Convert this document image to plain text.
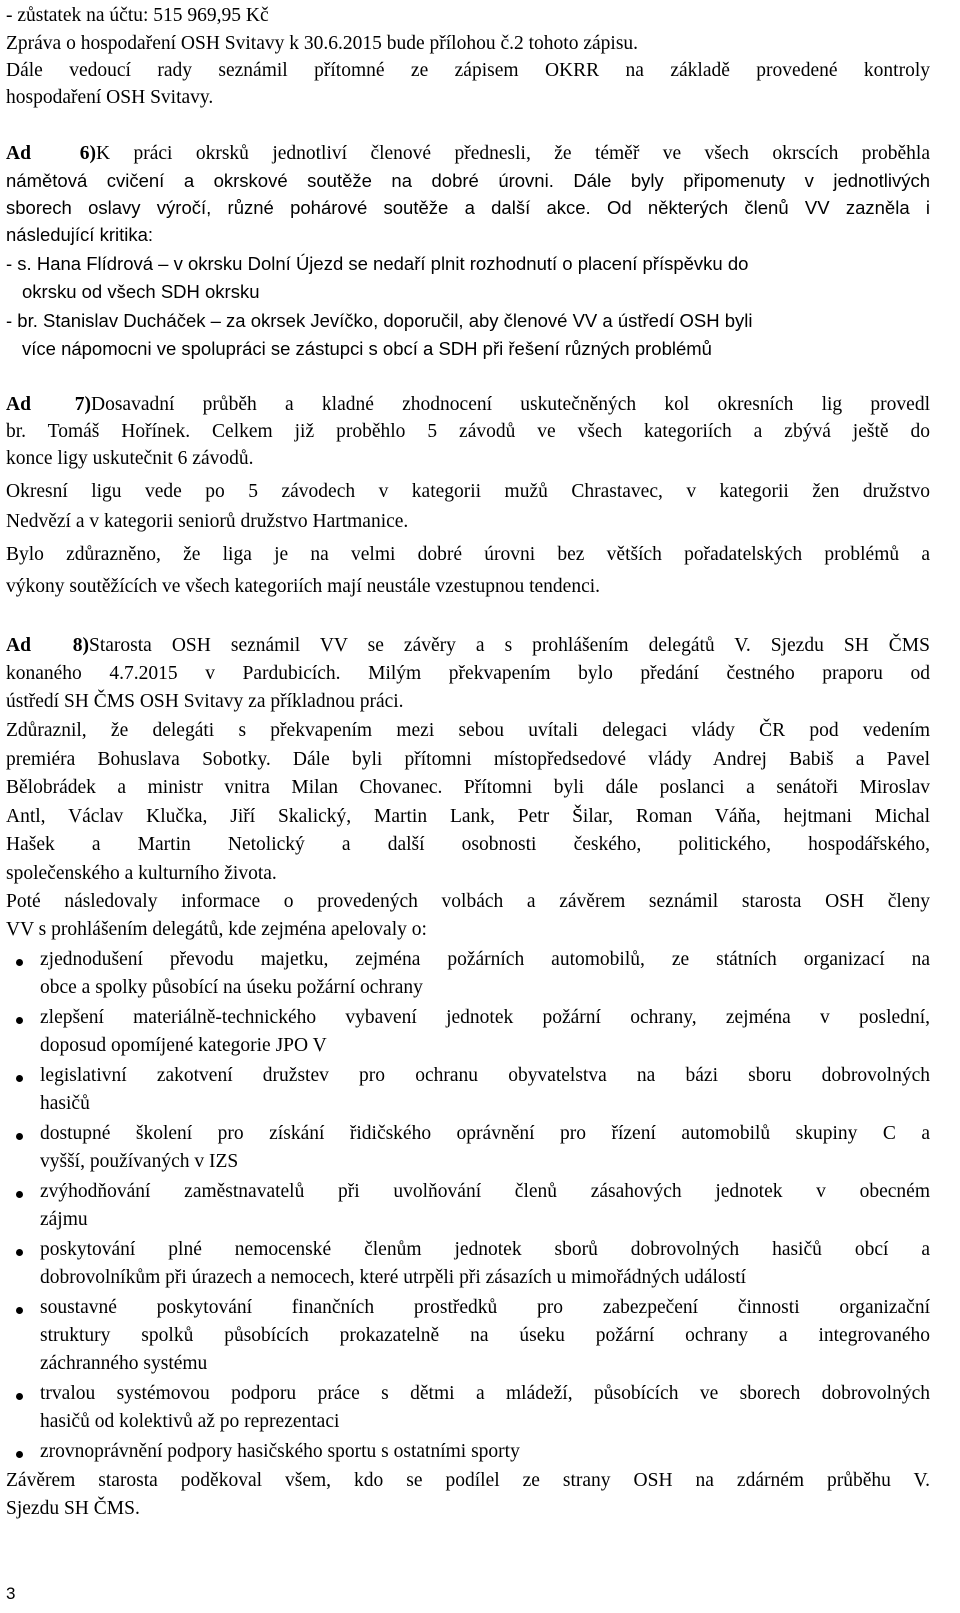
- zůstatek na účtu: 515 969,95 Kč
Zpráva o hospodaření OSH Svitavy k 30.6.2015 bude přílohou č.2 tohoto zápisu.
Dále vedoucí rady seznámil přítomné ze zápisem OKRR na základě provedené kontroly
hospodaření OSH Svitavy.
Ad 6)K práci okrsků jednotliví členové přednesli, že téměř ve všech okrscích proběhla
námětová cvičení a okrskové soutěže na dobré úrovni. Dále byly připomenuty v jednotlivých
sborech oslavy výročí, různé pohárové soutěže a další akce. Od některých členů VV zazněla i
následující kritika:
- s. Hana Flídrová – v okrsku Dolní Újezd se nedaří plnit rozhodnutí o placení příspěvku do
okrsku od všech SDH okrsku
- br. Stanislav Ducháček – za okrsek Jevíčko, doporučil, aby členové VV a ústředí OSH byli
více nápomocni ve spolupráci se zástupci s obcí a SDH při řešení různých problémů
Ad 7)Dosavadní průběh a kladné zhodnocení uskutečněných kol okresních lig provedl
br. Tomáš Hořínek. Celkem již proběhlo 5 závodů ve všech kategoriích a zbývá ještě do
konce ligy uskutečnit 6 závodů.
Okresní ligu vede po 5 závodech v kategorii mužů Chrastavec, v kategorii žen družstvo
Nedvězí a v kategorii seniorů družstvo Hartmanice.
Bylo zdůrazněno, že liga je na velmi dobré úrovni bez větších pořadatelských problémů a
výkony soutěžících ve všech kategoriích mají neustále vzestupnou tendenci.
Ad 8)Starosta OSH seznámil VV se závěry a s prohlášením delegátů V. Sjezdu SH ČMS
konaného 4.7.2015 v Pardubicích. Milým překvapením bylo předání čestného praporu od
ústředí SH ČMS OSH Svitavy za příkladnou práci.
Zdůraznil, že delegáti s překvapením mezi sebou uvítali delegaci vlády ČR pod vedením
premiéra Bohuslava Sobotky. Dále byli přítomni místopředsedové vlády Andrej Babiš a Pavel
Bělobrádek a ministr vnitra Milan Chovanec. Přítomni byli dále poslanci a senátoři Miroslav
Antl, Václav Klučka, Jiří Skalický, Martin Lank, Petr Šilar, Roman Váňa, hejtmani Michal
Hašek a Martin Netolický a další osobnosti českého, politického, hospodářského,
společenského a kulturního života.
Poté následovaly informace o provedených volbách a závěrem seznámil starosta OSH členy
VV s prohlášením delegátů, kde zejména apelovaly o:
zjednodušení převodu majetku, zejména požárních automobilů, ze státních organizací na
obce a spolky působící na úseku požární ochrany
zlepšení materiálně-technického vybavení jednotek požární ochrany, zejména v poslední,
doposud opomíjené kategorie JPO V
legislativní zakotvení družstev pro ochranu obyvatelstva na bázi sboru dobrovolných
hasičů
dostupné školení pro získání řidičského oprávnění pro řízení automobilů skupiny C a
vyšší, používaných v IZS
zvýhodňování zaměstnavatelů při uvolňování členů zásahových jednotek v obecném
zájmu
poskytování plné nemocenské členům jednotek sborů dobrovolných hasičů obcí a
dobrovolníkům při úrazech a nemocech, které utrpěli při zásazích u mimořádných událostí
soustavné poskytování finančních prostředků pro zabezpečení činnosti organizační
struktury spolků působících prokazatelně na úseku požární ochrany a integrovaného
záchranného systému
trvalou systémovou podporu práce s dětmi a mládeží, působících ve sborech dobrovolných
hasičů od kolektivů až po reprezentaci
zrovnoprávnění podpory hasičského sportu s ostatními sporty
Závěrem starosta poděkoval všem, kdo se podílel ze strany OSH na zdárném průběhu V.
Sjezdu SH ČMS.
3
